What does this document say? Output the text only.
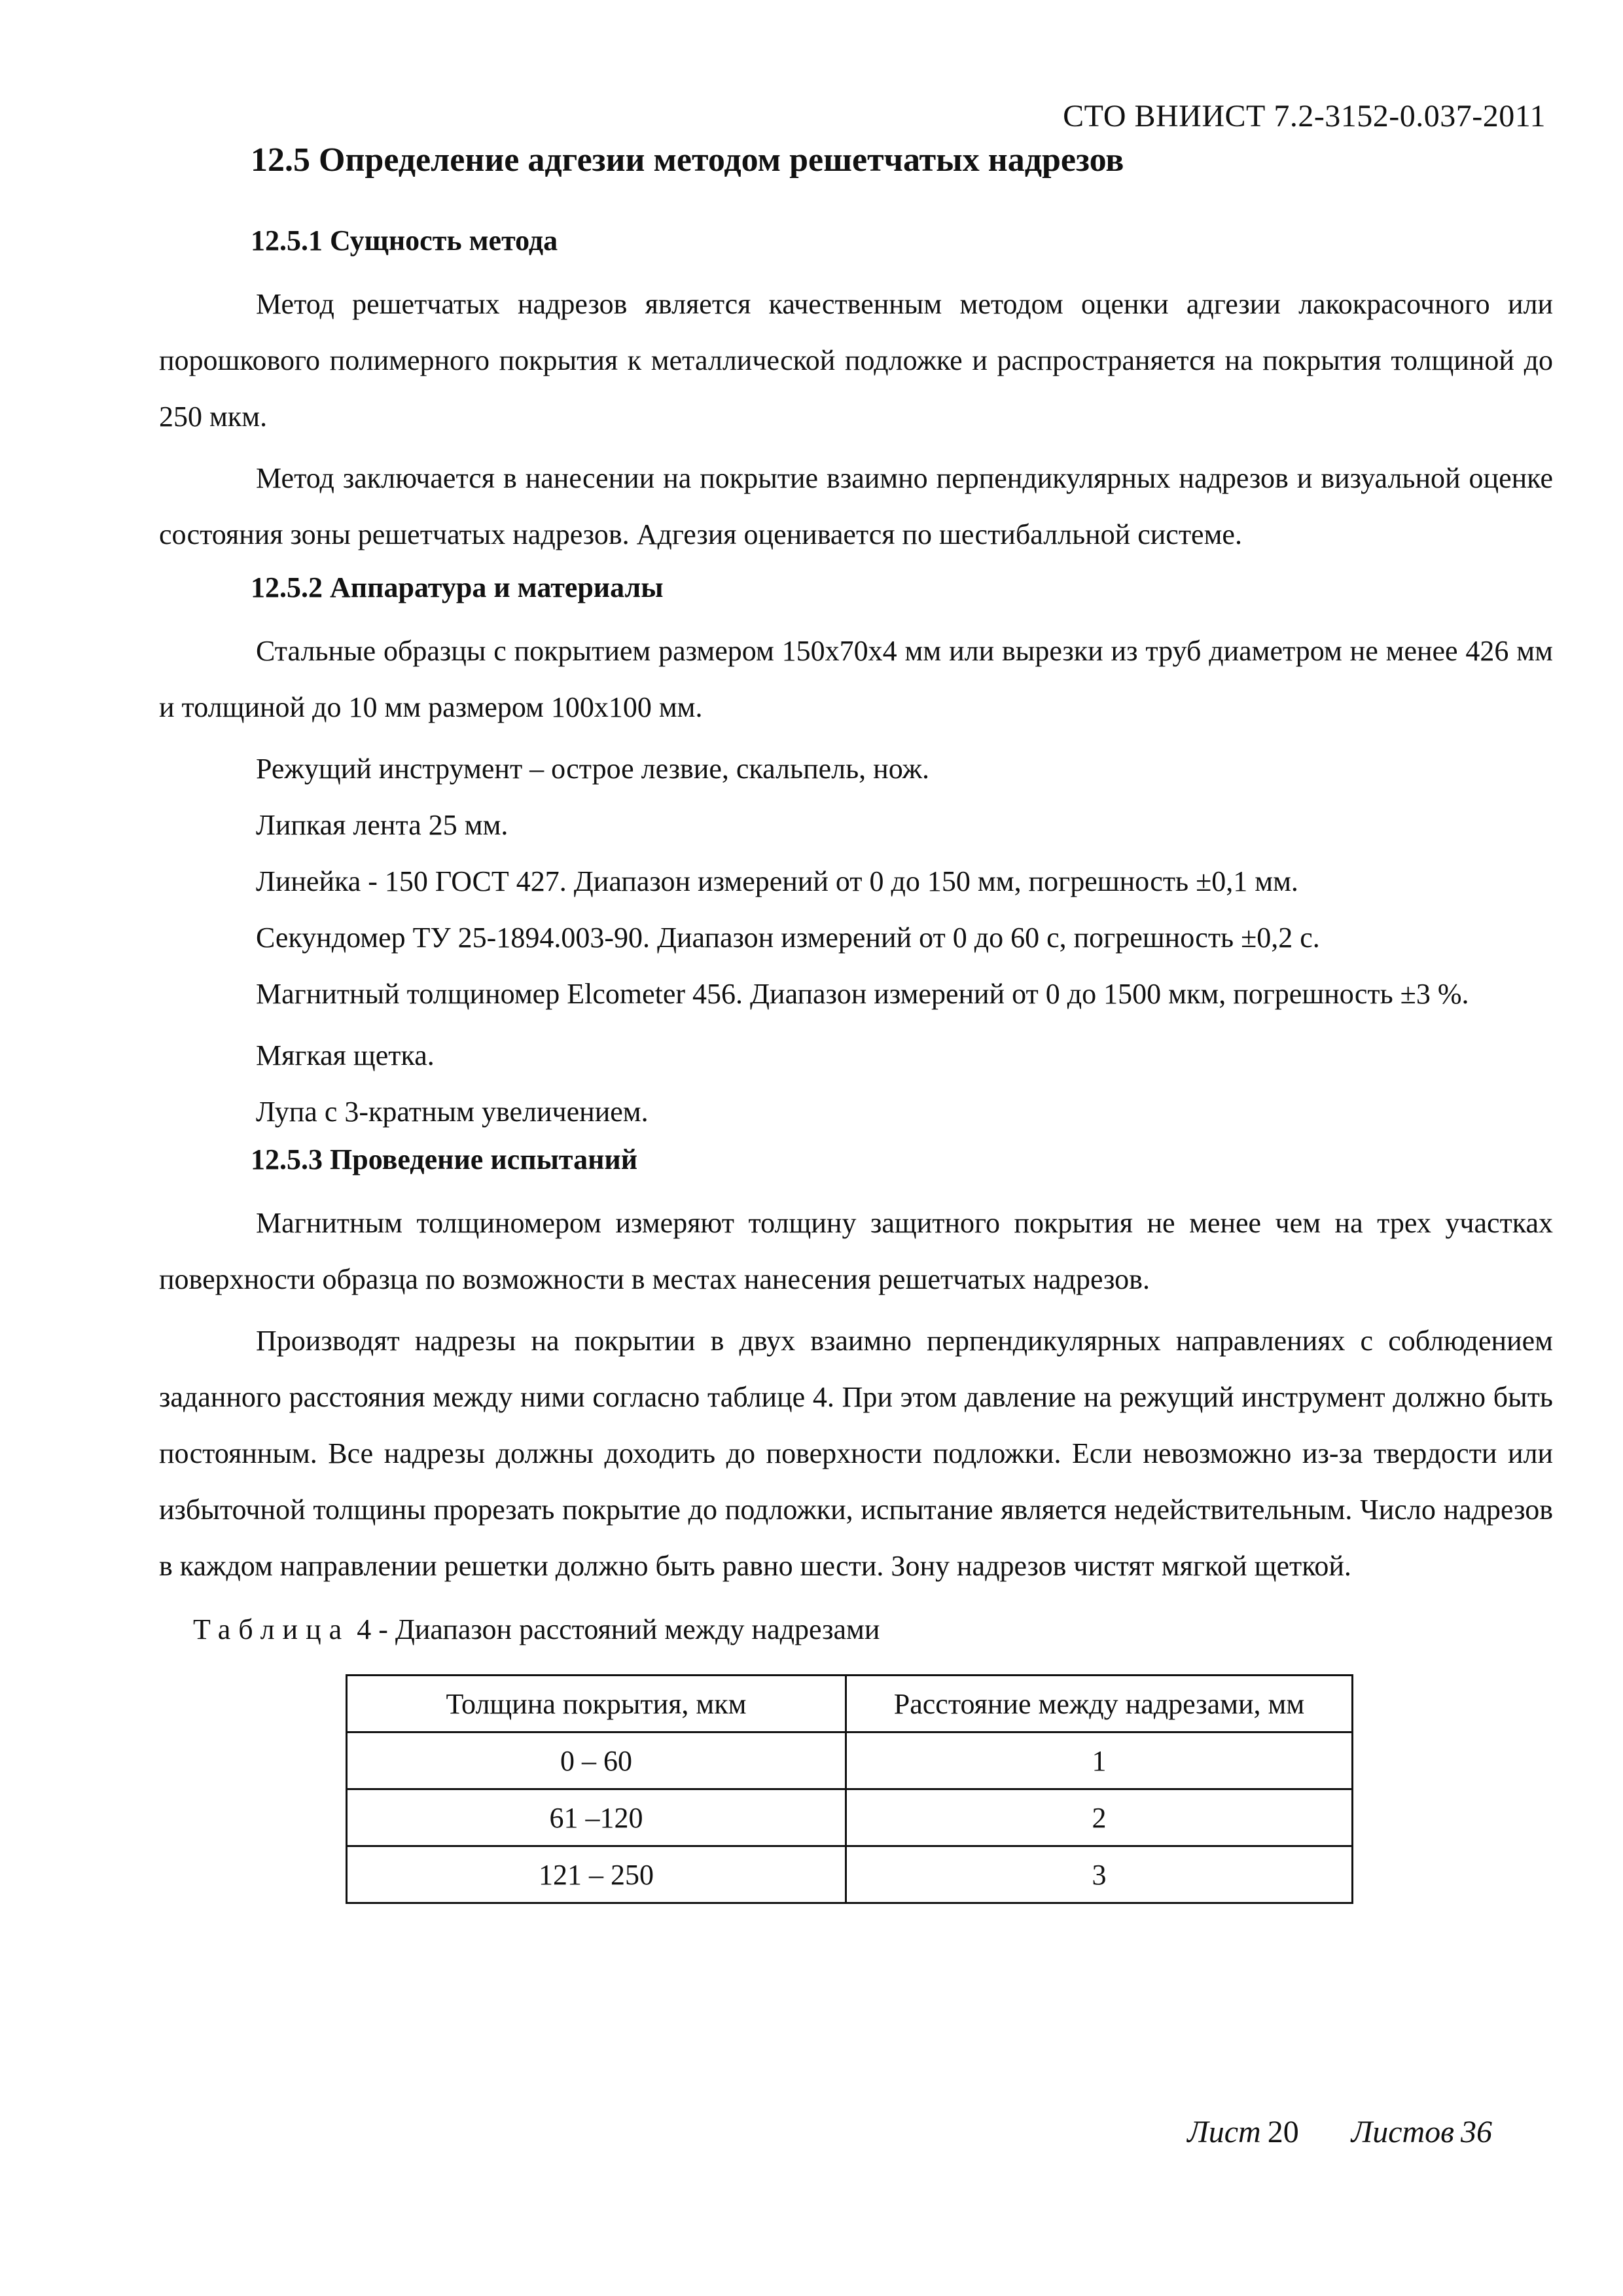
СТО ВНИИСТ 7.2-3152-0.037-2011
12.5 Определение адгезии методом решетчатых надрезов
12.5.1 Сущность метода

Метод решетчатых надрезов является качественным методом оценки адгезии лакокрасочного или порошкового полимерного покрытия к металлической подложке и распространяется на покрытия толщиной до 250 мкм.

Метод заключается в нанесении на покрытие взаимно перпендикулярных надрезов и визуальной оценке состояния зоны решетчатых надрезов. Адгезия оценивается по шестибалльной системе.

12.5.2 Аппаратура и материалы

Стальные образцы с покрытием размером 150х70х4 мм или вырезки из труб диаметром не менее 426 мм и толщиной до 10 мм размером 100х100 мм.

Режущий инструмент – острое лезвие, скальпель, нож.

Липкая лента 25 мм.

Линейка - 150 ГОСТ 427. Диапазон измерений от 0 до 150 мм, погрешность ±0,1 мм.

Секундомер ТУ 25-1894.003-90. Диапазон измерений от 0 до 60 с, погрешность ±0,2 с.

Магнитный толщиномер Elcometer 456. Диапазон измерений от 0 до 1500 мкм, погрешность ±3 %.

Мягкая щетка.

Лупа с 3-кратным увеличением.

12.5.3 Проведение испытаний

Магнитным толщиномером измеряют толщину защитного покрытия не менее чем на трех участках поверхности образца по возможности в местах нанесения решетчатых надрезов.

Производят надрезы на покрытии в двух взаимно перпендикулярных направлениях с соблюдением заданного расстояния между ними согласно таблице 4. При этом давление на режущий инструмент должно быть постоянным. Все надрезы должны доходить до поверхности подложки. Если невозможно из-за твердости или избыточной толщины прорезать покрытие до подложки, испытание является недействительным. Число надрезов в каждом направлении решетки должно быть равно шести. Зону надрезов чистят мягкой щеткой.

Таблица 4 - Диапазон расстояний между надрезами
Толщина покрытия, мкм	Расстояние между надрезами, мм
0 – 60	1
61 –120	2
121 – 250	3
Лист 20 Листов 36
